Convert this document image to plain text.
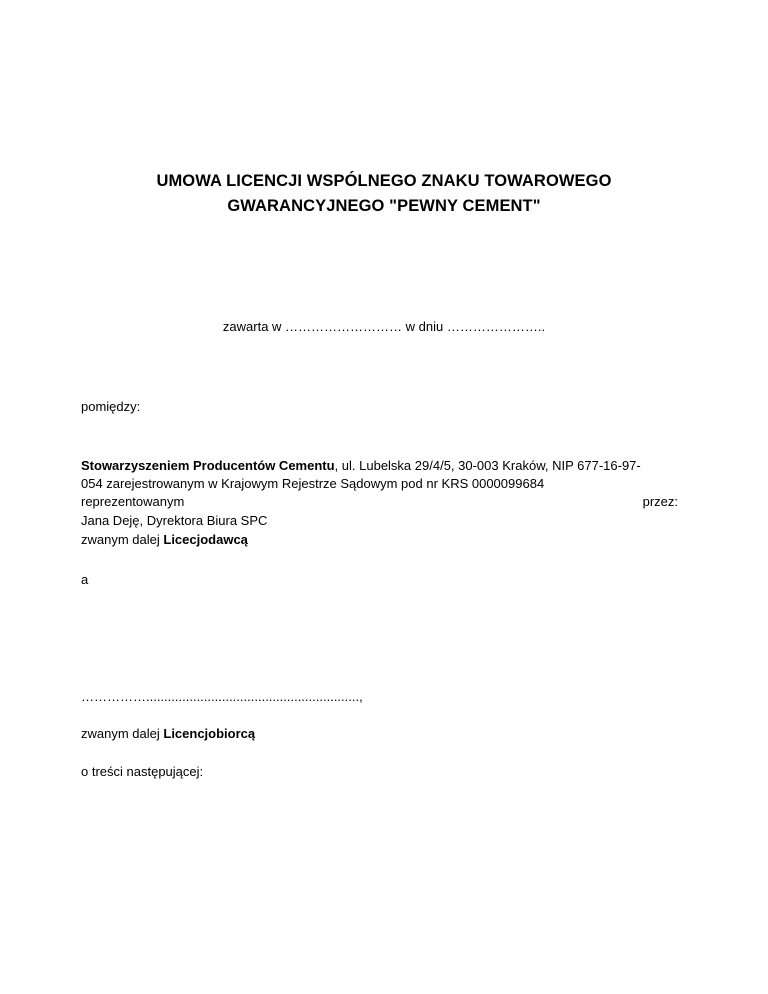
UMOWA LICENCJI WSPÓLNEGO ZNAKU TOWAROWEGO
GWARANCYJNEGO "PEWNY CEMENT"
zawarta w ……………………… w dniu …………………..
pomiędzy:
Stowarzyszeniem Producentów Cementu, ul. Lubelska 29/4/5, 30-003 Kraków, NIP 677-16-97-
054 zarejestrowanym w Krajowym Rejestrze Sądowym pod nr KRS 0000099684
reprezentowanym	przez:
Jana Deję, Dyrektora Biura SPC
zwanym dalej Licecjodawcą
a
……………...........................................................,
zwanym dalej Licencjobiorcą
o treści następującej:
